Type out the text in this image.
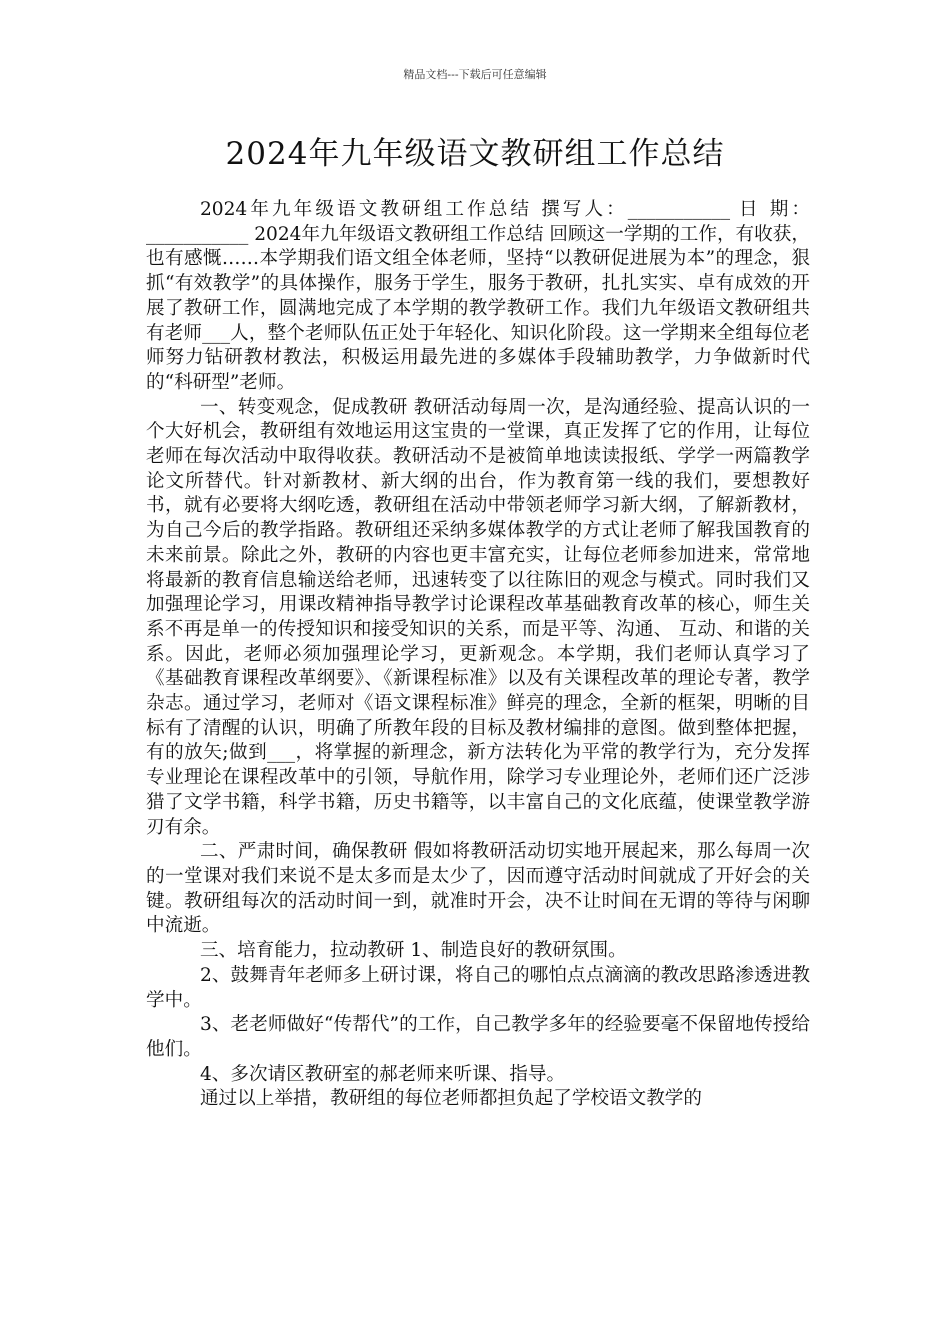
精品文档---下载后可任意编辑
2024年九年级语文教研组工作总结

2024年九年级语文教研组工作总结 撰写人：___________ 日 期：___________ 2024年九年级语文教研组工作总结 回顾这一学期的工作，有收获，也有感慨……本学期我们语文组全体老师，坚持“以教研促进展为本”的理念，狠抓“有效教学”的具体操作，服务于学生，服务于教研，扎扎实实、卓有成效的开展了教研工作，圆满地完成了本学期的教学教研工作。我们九年级语文教研组共有老师___人，整个老师队伍正处于年轻化、知识化阶段。这一学期来全组每位老师努力钻研教材教法，积极运用最先进的多媒体手段辅助教学，力争做新时代的“科研型”老师。

一、转变观念，促成教研 教研活动每周一次，是沟通经验、提高认识的一个大好机会，教研组有效地运用这宝贵的一堂课，真正发挥了它的作用，让每位老师在每次活动中取得收获。教研活动不是被简单地读读报纸、学学一两篇教学论文所替代。针对新教材、新大纲的出台，作为教育第一线的我们，要想教好书，就有必要将大纲吃透，教研组在活动中带领老师学习新大纲，了解新教材，为自己今后的教学指路。教研组还采纳多媒体教学的方式让老师了解我国教育的未来前景。除此之外，教研的内容也更丰富充实，让每位老师参加进来，常常地将最新的教育信息输送给老师，迅速转变了以往陈旧的观念与模式。同时我们又加强理论学习，用课改精神指导教学讨论课程改革基础教育改革的核心，师生关系不再是单一的传授知识和接受知识的关系，而是平等、沟通、 互动、和谐的关系。因此，老师必须加强理论学习，更新观念。本学期，我们老师认真学习了《基础教育课程改革纲要》、《新课程标准》以及有关课程改革的理论专著，教学杂志。通过学习，老师对《语文课程标准》鲜亮的理念，全新的框架，明晰的目标有了清醒的认识，明确了所教年段的目标及教材编排的意图。做到整体把握，有的放矢;做到___，将掌握的新理念，新方法转化为平常的教学行为，充分发挥专业理论在课程改革中的引领，导航作用，除学习专业理论外，老师们还广泛涉猎了文学书籍，科学书籍，历史书籍等，以丰富自己的文化底蕴，使课堂教学游刃有余。

二、严肃时间，确保教研 假如将教研活动切实地开展起来，那么每周一次的一堂课对我们来说不是太多而是太少了，因而遵守活动时间就成了开好会的关键。教研组每次的活动时间一到，就准时开会，决不让时间在无谓的等待与闲聊中流逝。

三、培育能力，拉动教研 1、制造良好的教研氛围。

2、鼓舞青年老师多上研讨课，将自己的哪怕点点滴滴的教改思路渗透进教学中。

3、老老师做好“传帮代”的工作，自己教学多年的经验要毫不保留地传授给他们。

4、多次请区教研室的郝老师来听课、指导。

通过以上举措，教研组的每位老师都担负起了学校语文教学的
